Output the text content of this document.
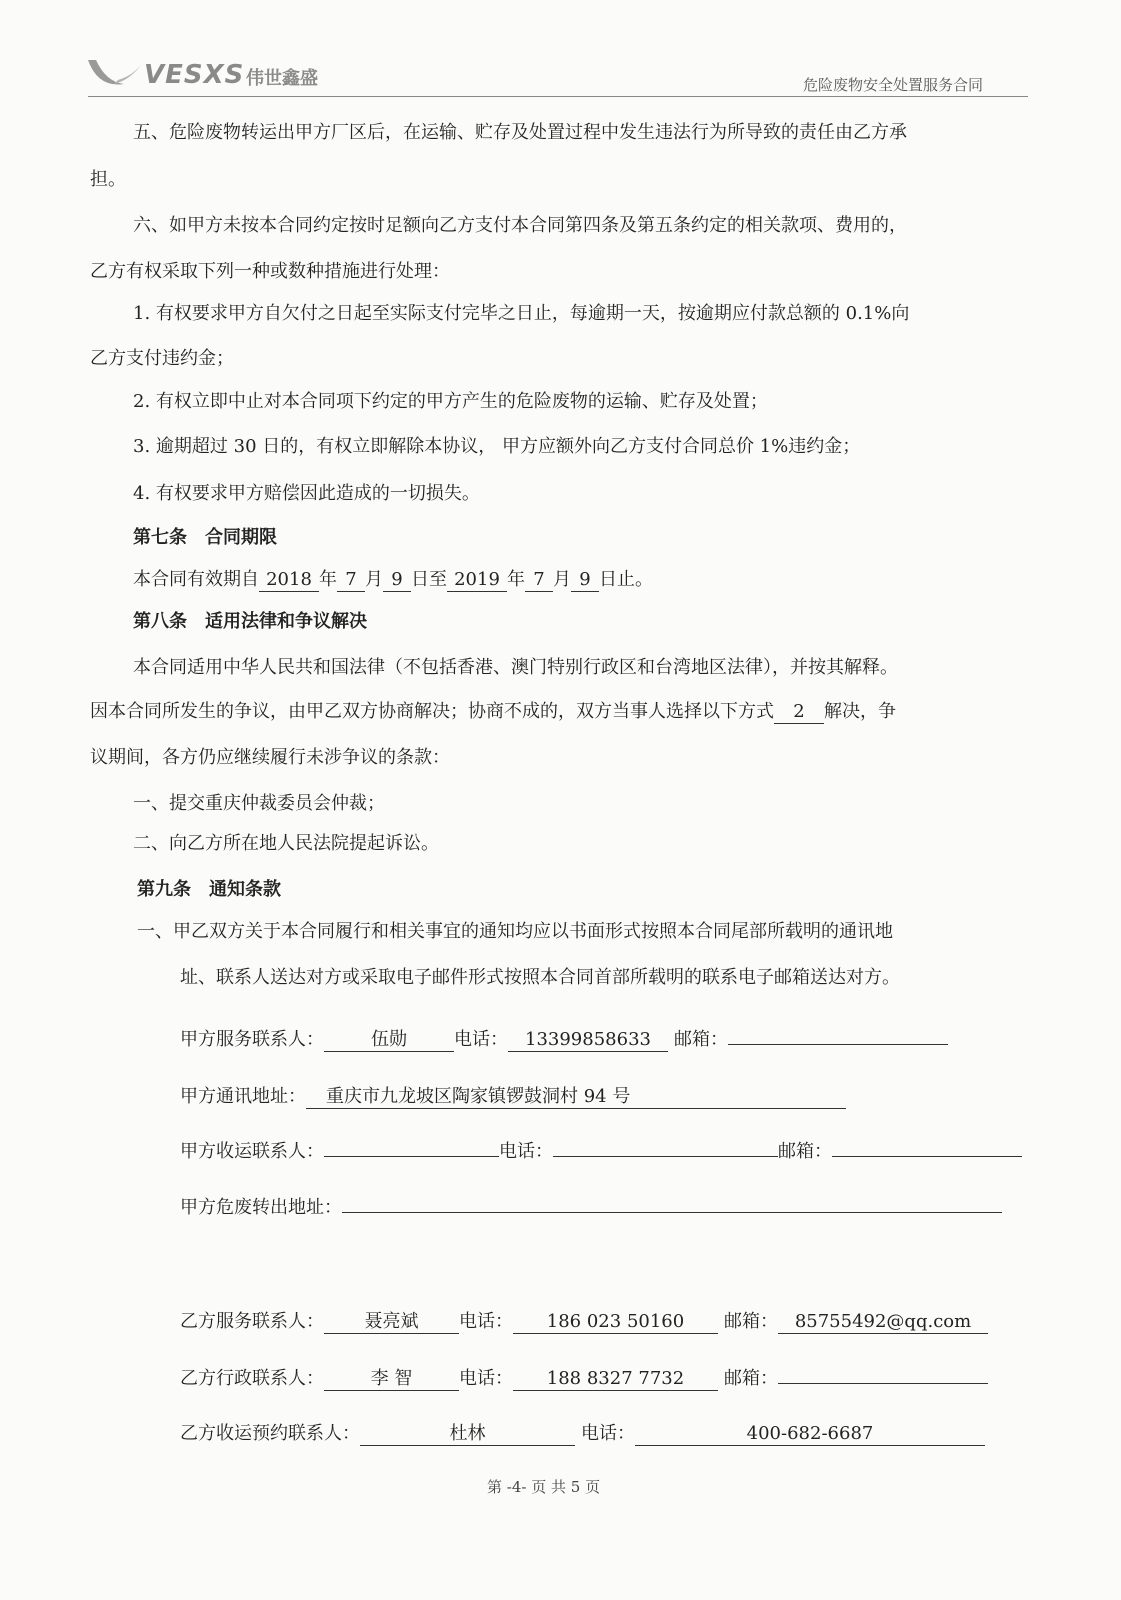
VESXS 伟世鑫盛	危险废物安全处置服务合同
五、危险废物转运出甲方厂区后，在运输、贮存及处置过程中发生违法行为所导致的责任由乙方承
担。
六、如甲方未按本合同约定按时足额向乙方支付本合同第四条及第五条约定的相关款项、费用的，
乙方有权采取下列一种或数种措施进行处理：
1. 有权要求甲方自欠付之日起至实际支付完毕之日止，每逾期一天，按逾期应付款总额的 0.1%向
乙方支付违约金；
2. 有权立即中止对本合同项下约定的甲方产生的危险废物的运输、贮存及处置；
3. 逾期超过 30 日的，有权立即解除本协议， 甲方应额外向乙方支付合同总价 1%违约金；
4. 有权要求甲方赔偿因此造成的一切损失。
第七条　合同期限
本合同有效期自 2018 年 7 月 9 日至 2019 年 7 月 9 日止。
第八条　适用法律和争议解决
本合同适用中华人民共和国法律（不包括香港、澳门特别行政区和台湾地区法律），并按其解释。
因本合同所发生的争议，由甲乙双方协商解决；协商不成的，双方当事人选择以下方式 2 解决，争
议期间，各方仍应继续履行未涉争议的条款：
一、提交重庆仲裁委员会仲裁；
二、向乙方所在地人民法院提起诉讼。
第九条　通知条款
一、甲乙双方关于本合同履行和相关事宜的通知均应以书面形式按照本合同尾部所载明的通讯地
址、联系人送达对方或采取电子邮件形式按照本合同首部所载明的联系电子邮箱送达对方。
甲方服务联系人：	伍勋	电话： 13399858633 邮箱：
甲方通讯地址： 重庆市九龙坡区陶家镇锣鼓洞村 94 号
甲方收运联系人：	电话：	邮箱：
甲方危废转出地址：
乙方服务联系人： 聂亮斌 电话： 186 023 50160 邮箱： 85755492@qq.com
乙方行政联系人：	李 智	电话： 188 8327 7732 邮箱：
乙方收运预约联系人：	杜林	电话：	400-682-6687
第 -4- 页 共 5 页
